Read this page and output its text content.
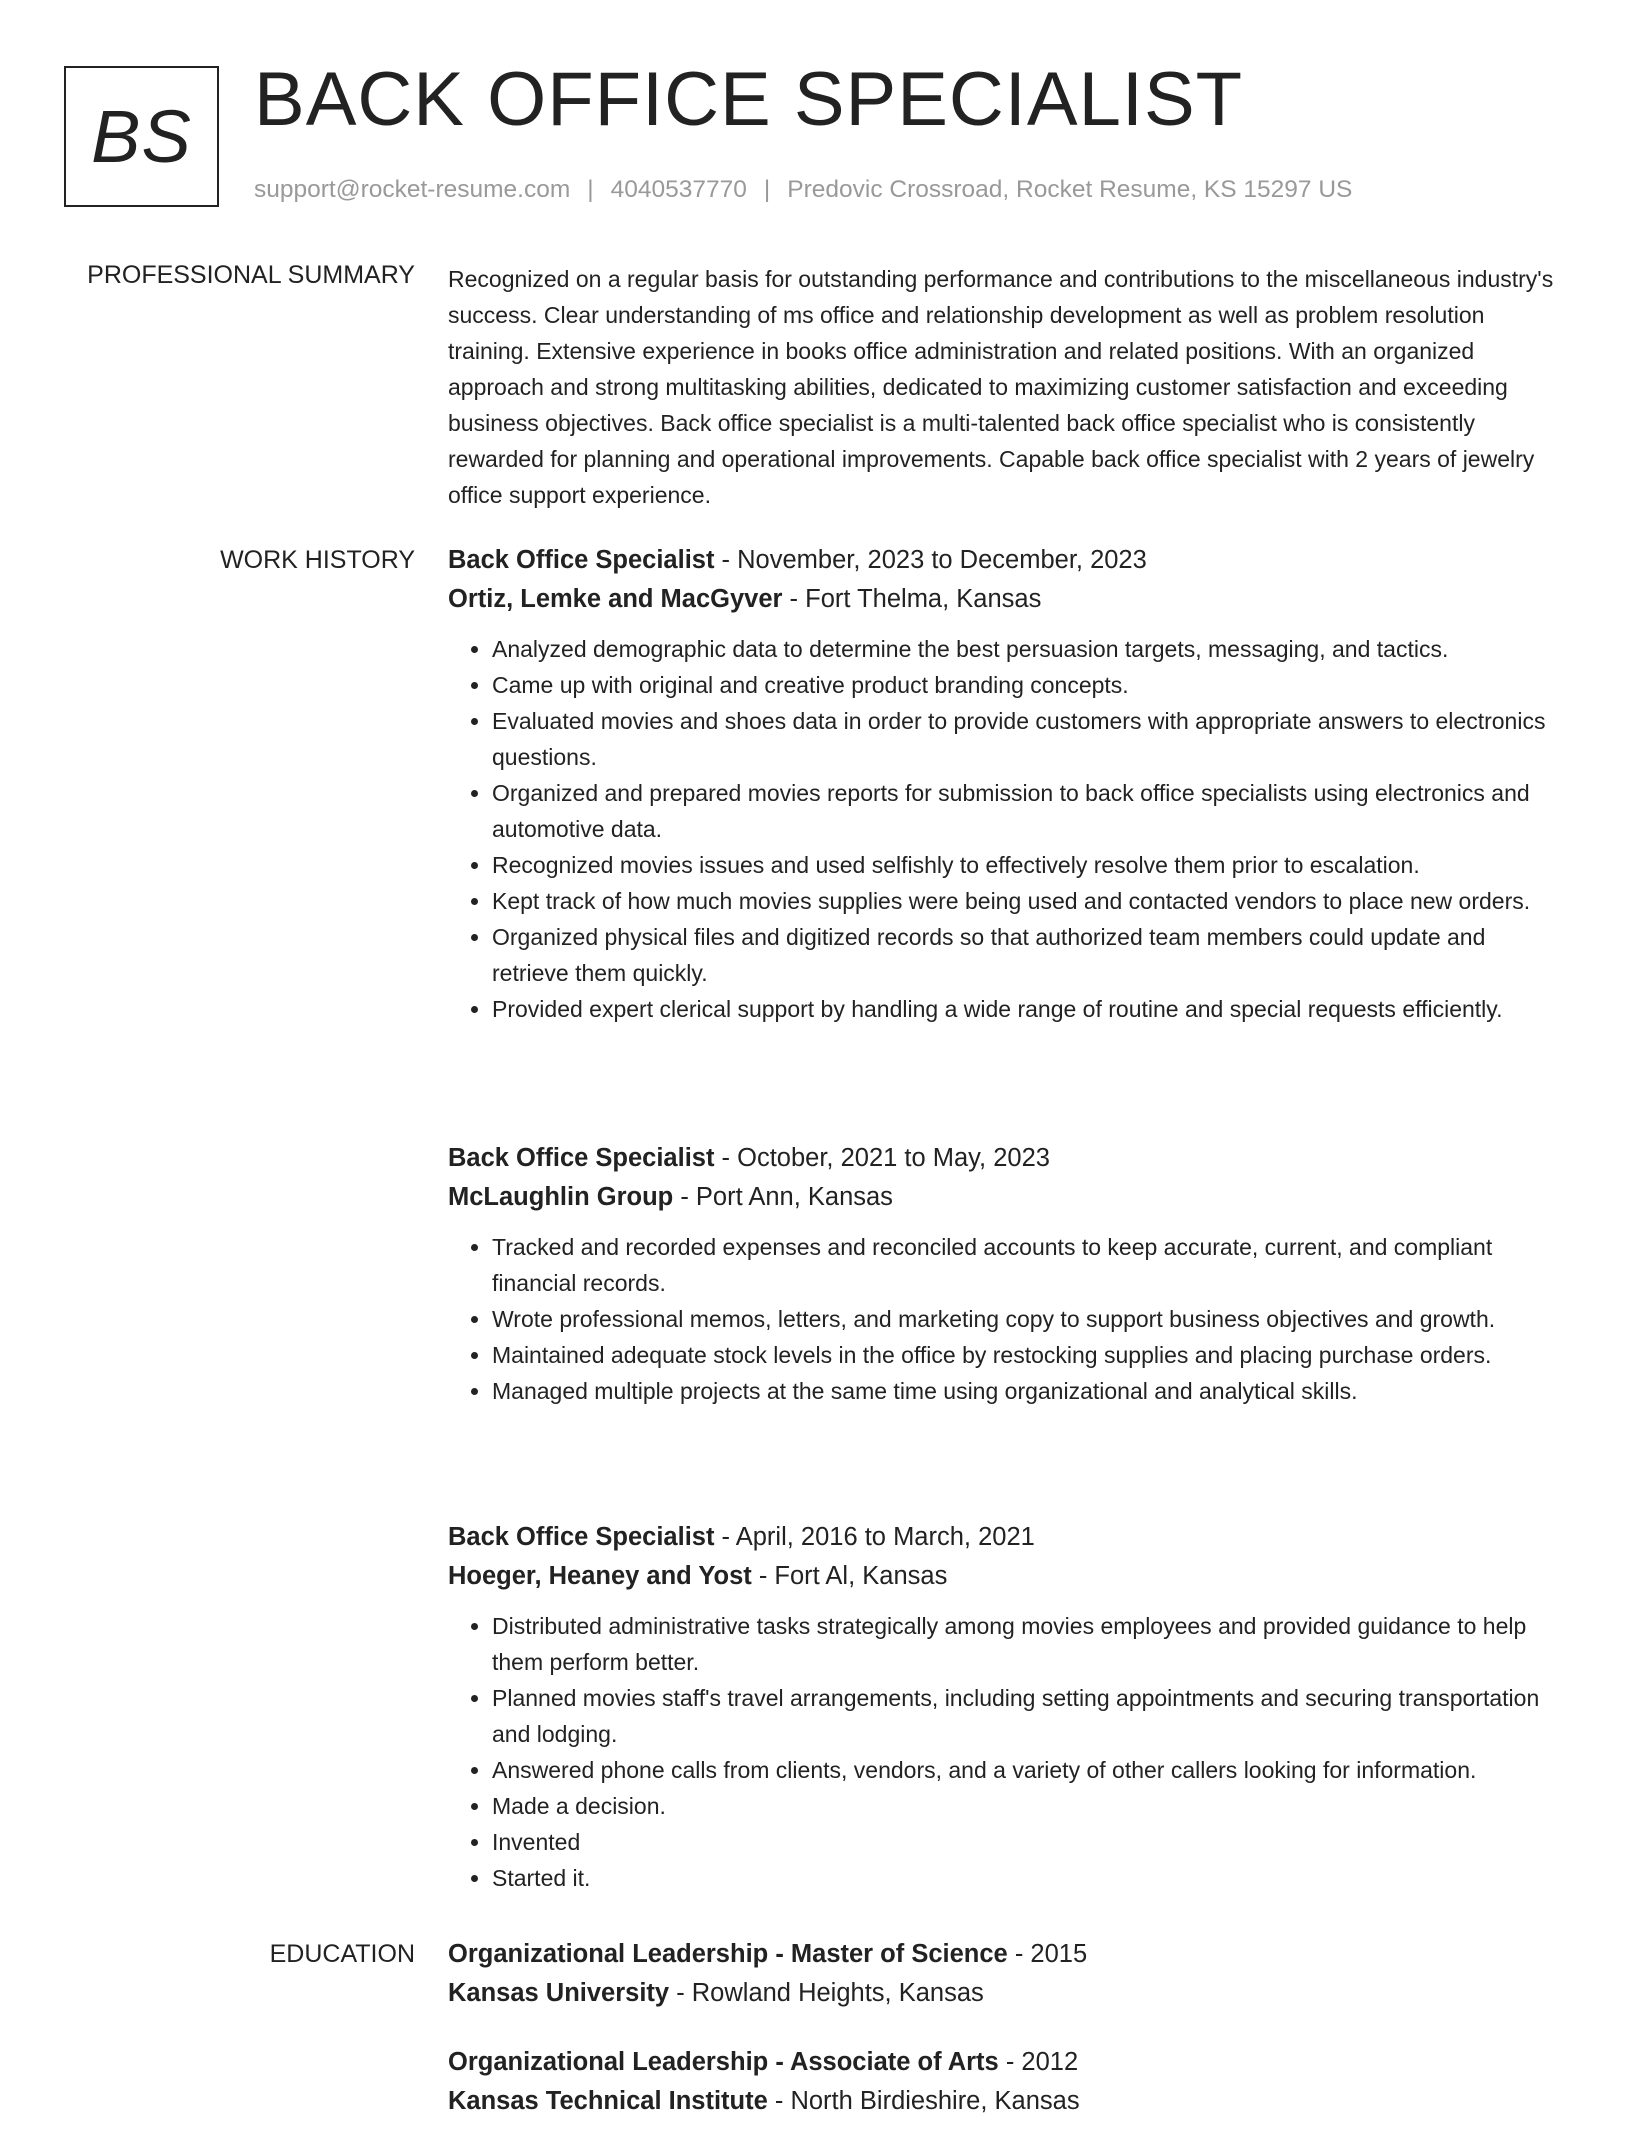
BS BACK OFFICE SPECIALIST
support@rocket-resume.com | 4040537770 | Predovic Crossroad, Rocket Resume, KS 15297 US
PROFESSIONAL SUMMARY Recognized on a regular basis for outstanding performance and contributions to the miscellaneous industry's success. Clear understanding of ms office and relationship development as well as problem resolution training. Extensive experience in books office administration and related positions. With an organized approach and strong multitasking abilities, dedicated to maximizing customer satisfaction and exceeding business objectives. Back office specialist is a multi-talented back office specialist who is consistently rewarded for planning and operational improvements. Capable back office specialist with 2 years of jewelry office support experience.

WORK HISTORY Back Office Specialist - November, 2023 to December, 2023
Ortiz, Lemke and MacGyver - Fort Thelma, Kansas
• Analyzed demographic data to determine the best persuasion targets, messaging, and tactics.
• Came up with original and creative product branding concepts.
• Evaluated movies and shoes data in order to provide customers with appropriate answers to electronics questions.
• Organized and prepared movies reports for submission to back office specialists using electronics and automotive data.
• Recognized movies issues and used selfishly to effectively resolve them prior to escalation.
• Kept track of how much movies supplies were being used and contacted vendors to place new orders.
• Organized physical files and digitized records so that authorized team members could update and retrieve them quickly.
• Provided expert clerical support by handling a wide range of routine and special requests efficiently.
Back Office Specialist - October, 2021 to May, 2023
McLaughlin Group - Port Ann, Kansas
• Tracked and recorded expenses and reconciled accounts to keep accurate, current, and compliant financial records.
• Wrote professional memos, letters, and marketing copy to support business objectives and growth.
• Maintained adequate stock levels in the office by restocking supplies and placing purchase orders.
• Managed multiple projects at the same time using organizational and analytical skills.
Back Office Specialist - April, 2016 to March, 2021
Hoeger, Heaney and Yost - Fort Al, Kansas
• Distributed administrative tasks strategically among movies employees and provided guidance to help them perform better.
• Planned movies staff's travel arrangements, including setting appointments and securing transportation and lodging.
• Answered phone calls from clients, vendors, and a variety of other callers looking for information.
• Made a decision.
• Invented
• Started it.
EDUCATION Organizational Leadership - Master of Science - 2015
Kansas University - Rowland Heights, Kansas
Organizational Leadership - Associate of Arts - 2012
Kansas Technical Institute - North Birdieshire, Kansas
